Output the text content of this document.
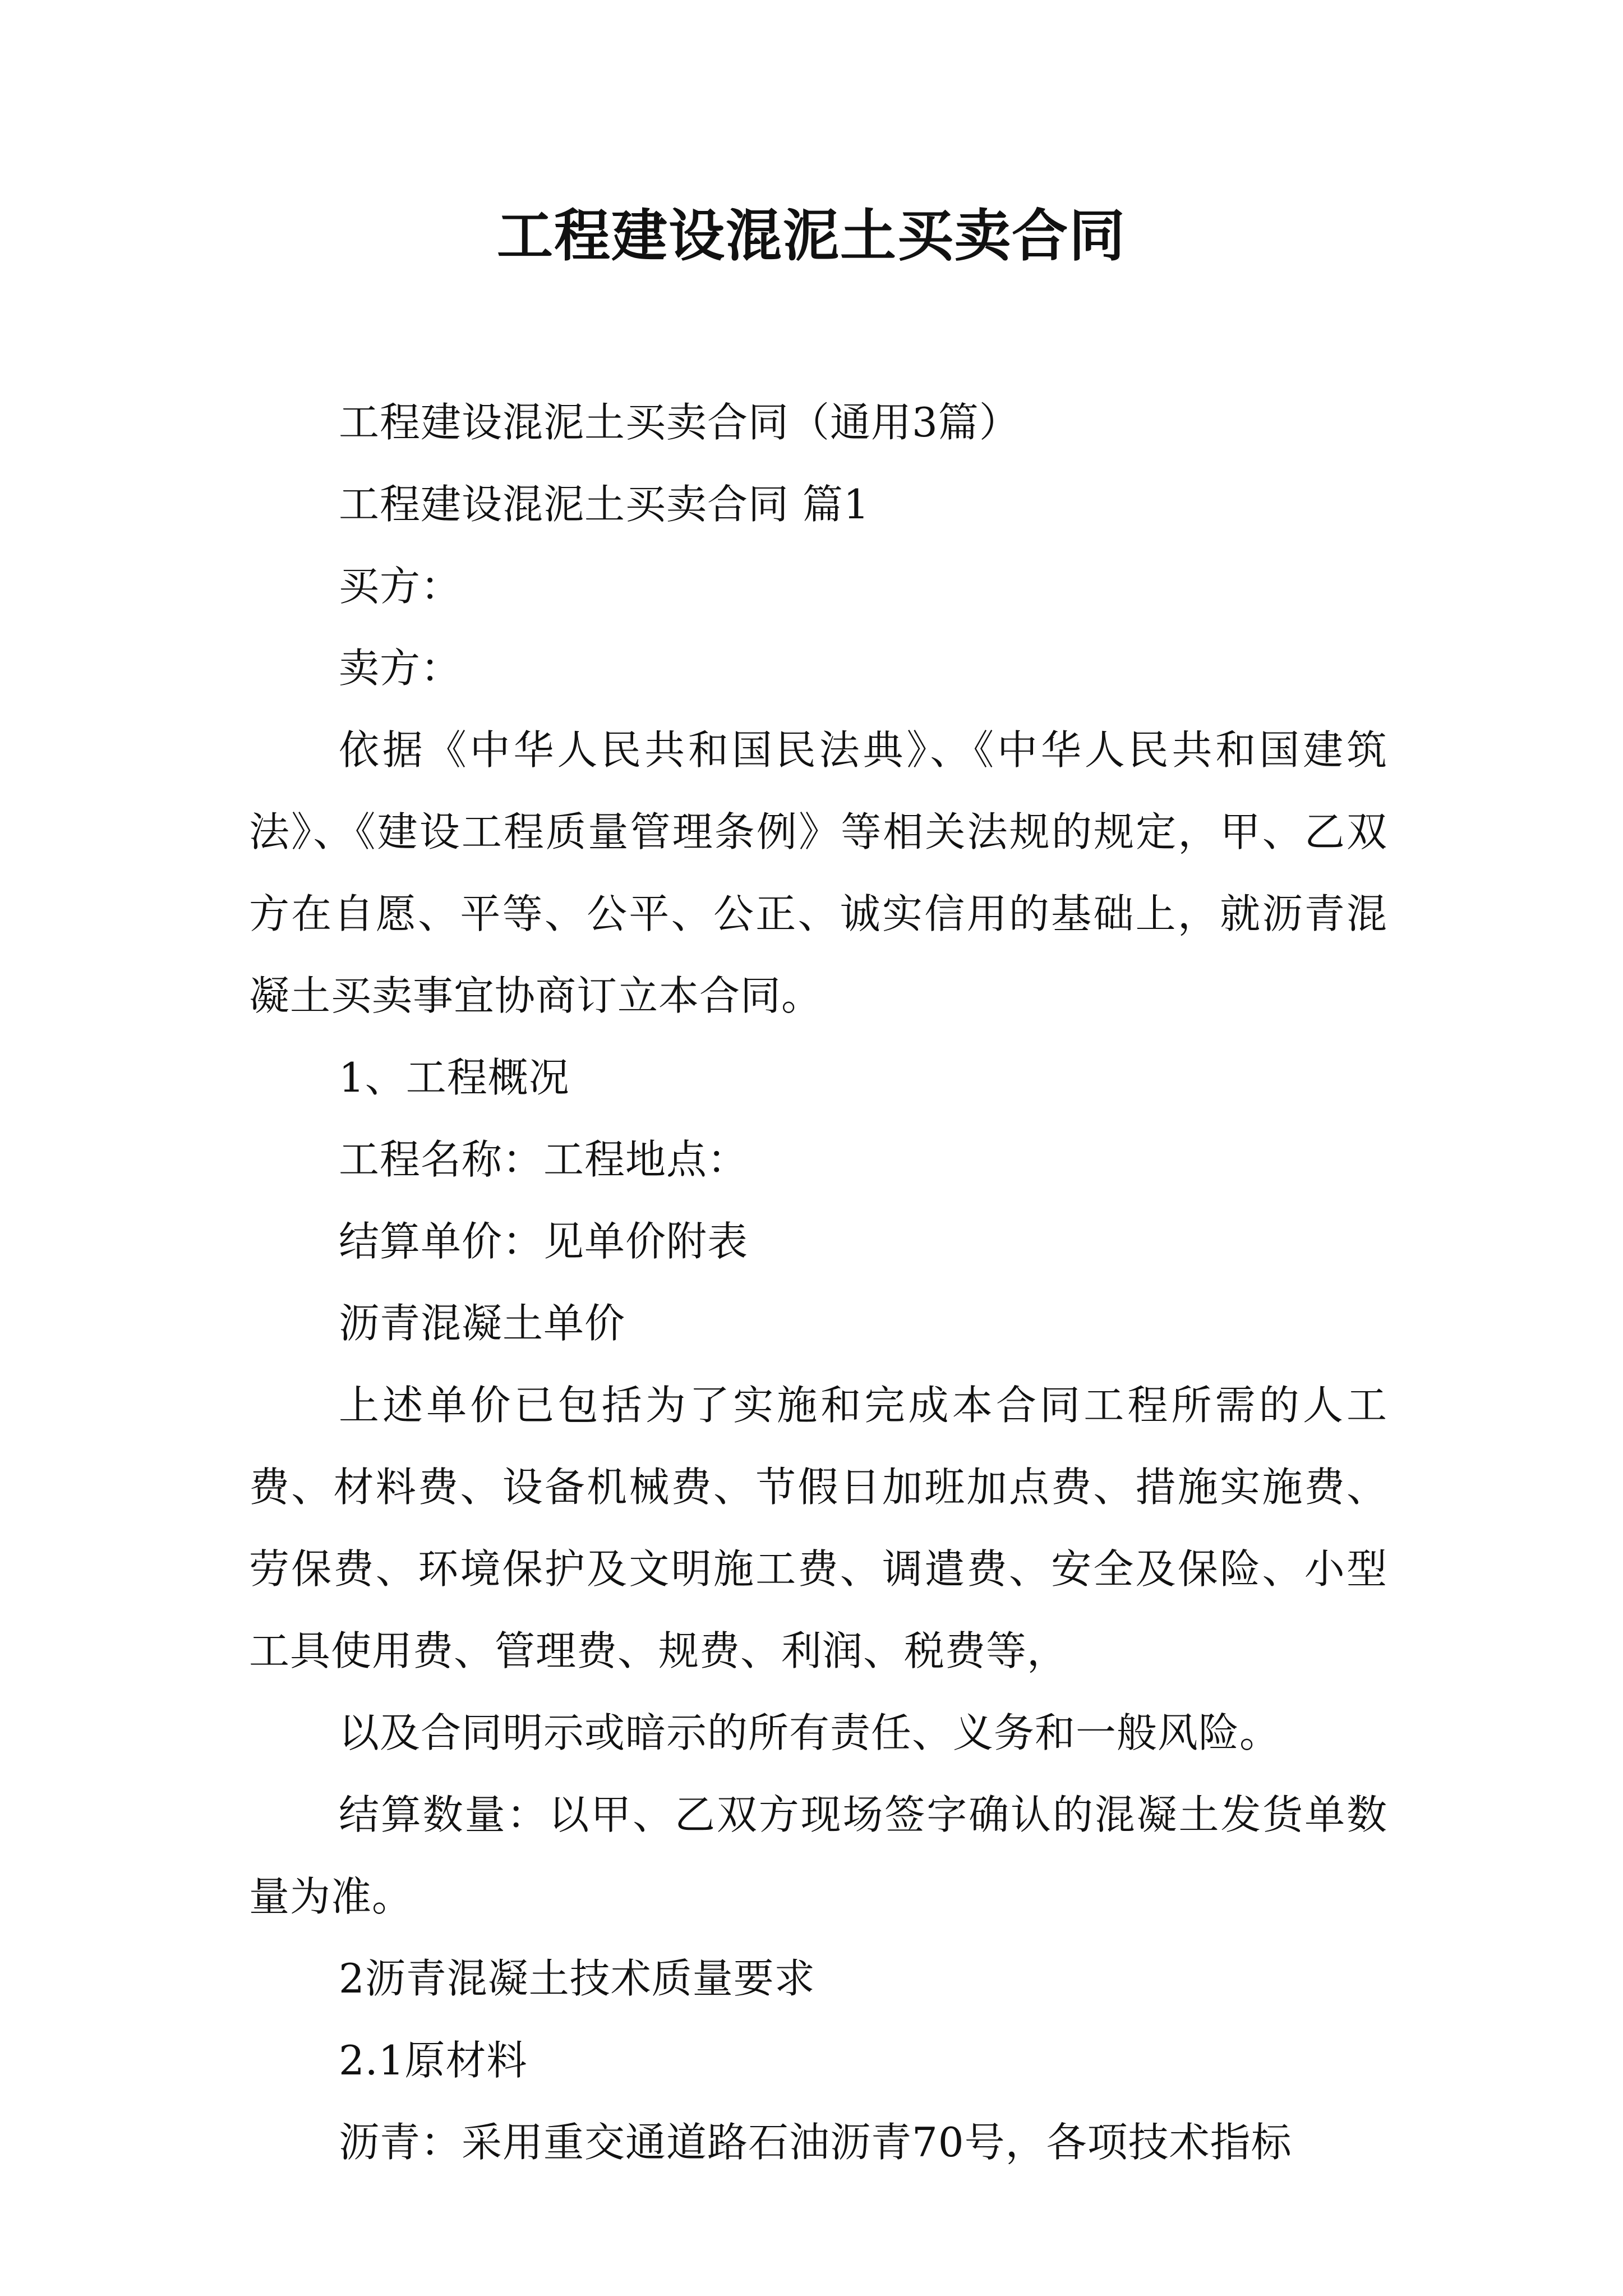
工程建设混泥土买卖合同

工程建设混泥土买卖合同（通用3篇）

工程建设混泥土买卖合同 篇1

买方：

卖方：

依据《中华人民共和国民法典》、《中华人民共和国建筑法》、《建设工程质量管理条例》等相关法规的规定，甲、乙双方在自愿、平等、公平、公正、诚实信用的基础上，就沥青混凝土买卖事宜协商订立本合同。

1、工程概况

工程名称：工程地点：

结算单价：见单价附表

沥青混凝土单价

上述单价已包括为了实施和完成本合同工程所需的人工费、材料费、设备机械费、节假日加班加点费、措施实施费、劳保费、环境保护及文明施工费、调遣费、安全及保险、小型工具使用费、管理费、规费、利润、税费等，

以及合同明示或暗示的所有责任、义务和一般风险。

结算数量：以甲、乙双方现场签字确认的混凝土发货单数量为准。

2沥青混凝土技术质量要求

2.1原材料

沥青：采用重交通道路石油沥青70号，各项技术指标
